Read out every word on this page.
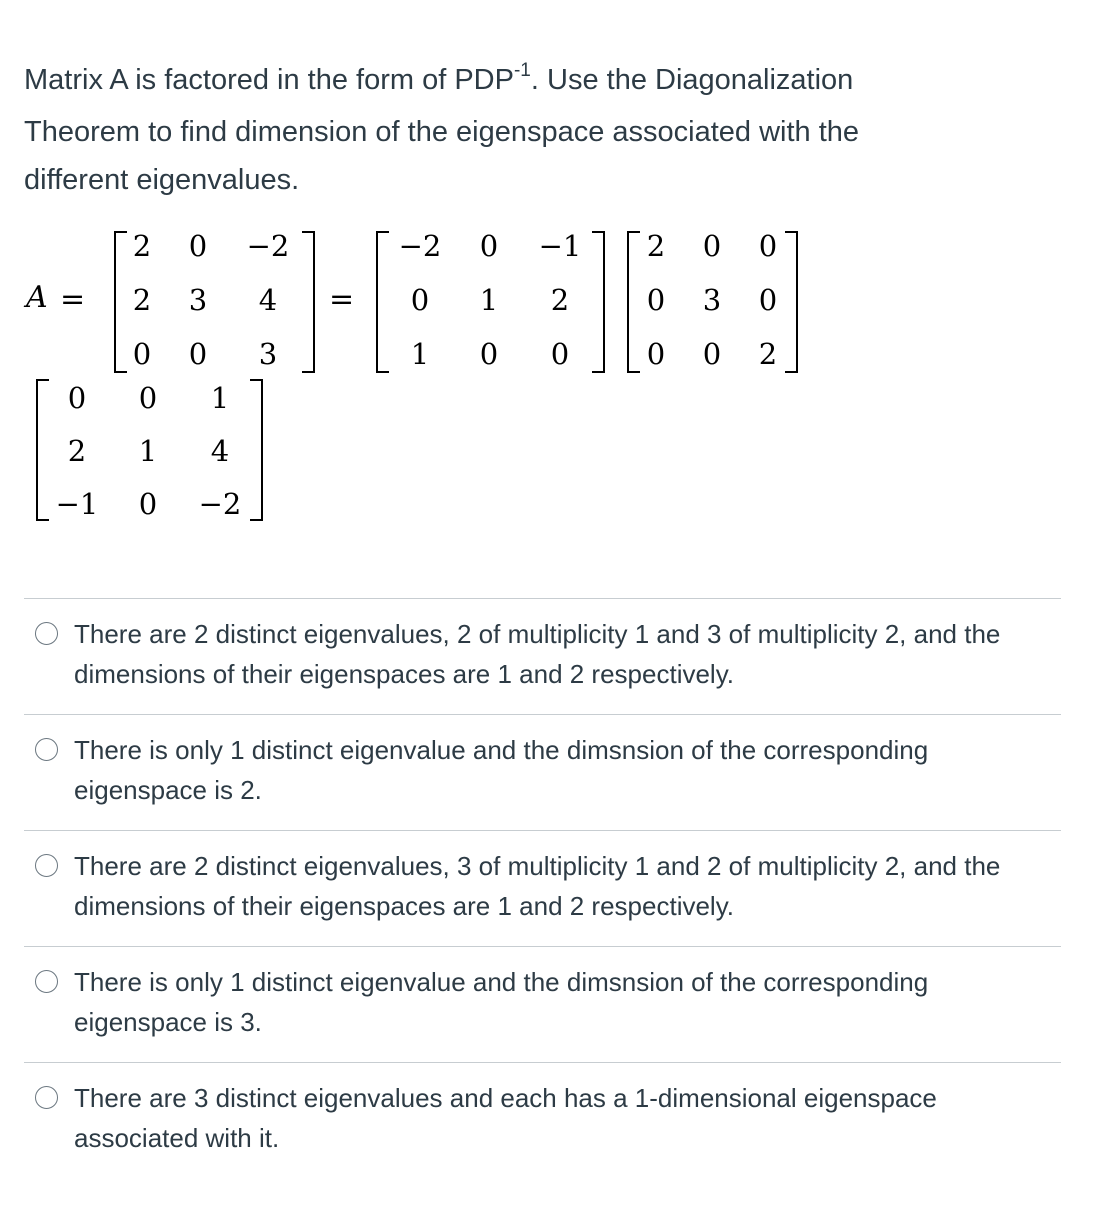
Matrix A is factored in the form of $PDP^{-1}$. Use the Diagonalization
Theorem to find dimension of the eigenspace associated with the
different eigenvalues.
A =	=
2	0	−2
2	3	4
0	0	3
−2	0	−1
0	1	2
1	0	0
2	0	0
0	3	0
0	0	2
0	0	1
2	1	4
−1	0	−2
There are 2 distinct eigenvalues, 2 of multiplicity 1 and 3 of multiplicity 2, and the dimensions of their eigenspaces are 1 and 2 respectively.
There is only 1 distinct eigenvalue and the dimsnsion of the corresponding eigenspace is 2.
There are 2 distinct eigenvalues, 3 of multiplicity 1 and 2 of multiplicity 2, and the dimensions of their eigenspaces are 1 and 2 respectively.
There is only 1 distinct eigenvalue and the dimsnsion of the corresponding eigenspace is 3.
There are 3 distinct eigenvalues and each has a 1-dimensional eigenspace associated with it.
